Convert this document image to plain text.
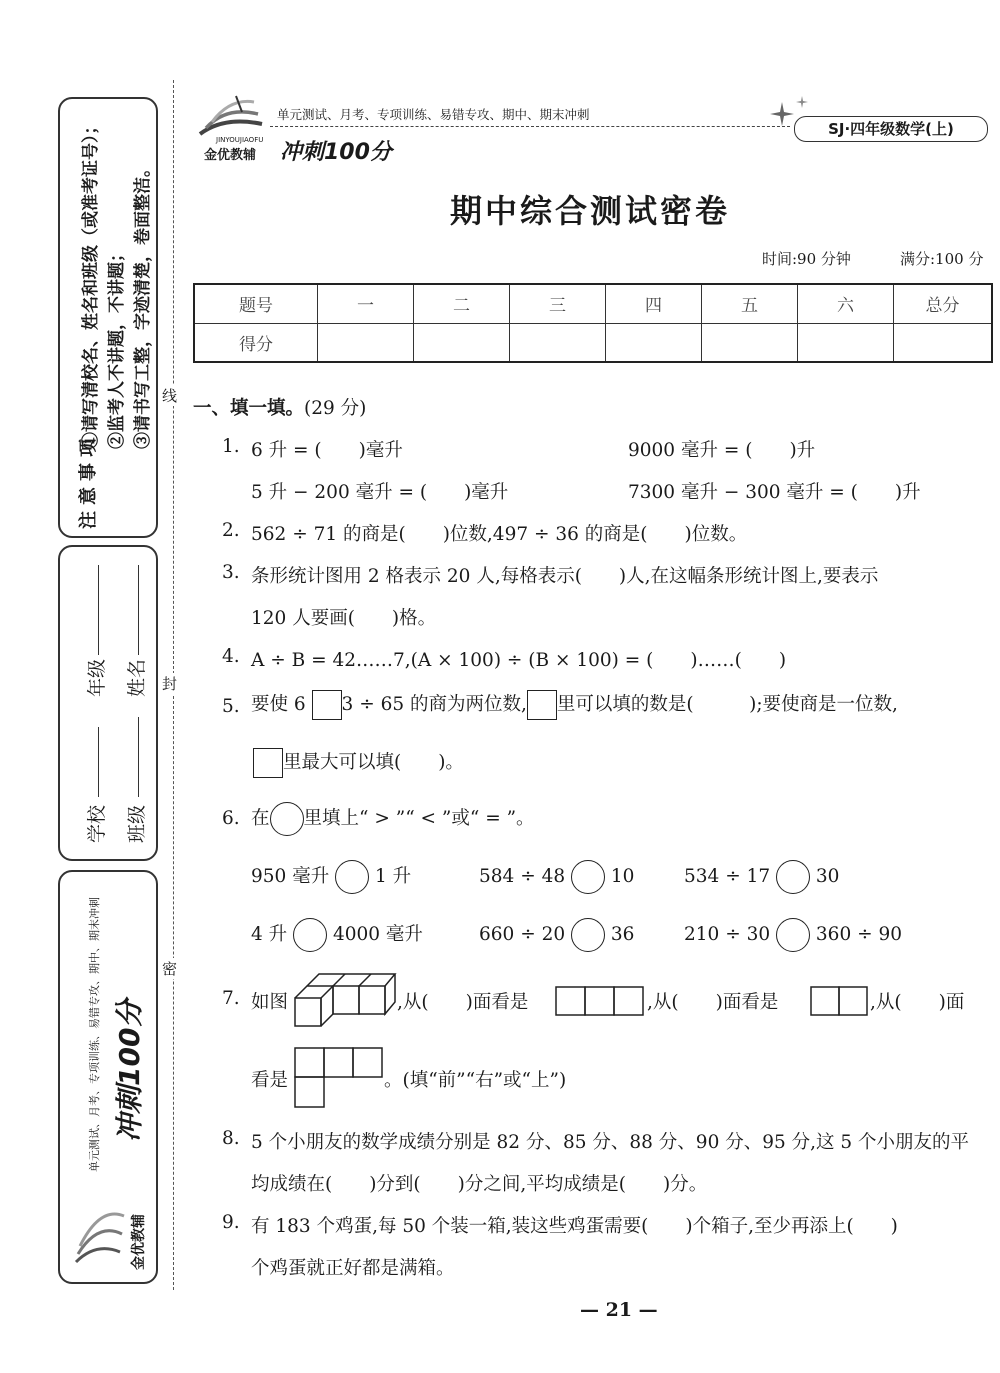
注意事项
①请写清校名、姓名和班级（或准考证号）； ②监考人不讲题，不讲题； ③请书写工整，字迹清楚，卷面整洁。
学校
年级
班级
姓名
单元测试、月考、专项训练、易错专攻、期中、期末冲刺 冲刺100分
金优教辅
线
封
密
JINYOUJIAOFU
金优教辅 冲刺100分
单元测试、月考、专项训练、易错专攻、期中、期末冲刺
SJ·四年级数学(上)
期中综合测试密卷
时间:90 分钟	满分:100 分
题号	一	二	三	四	五	六	总分
得分							
一、填一填。(29 分)
1. 6 升 = (　　)毫升	9000 毫升 = (　　)升
5 升 − 200 毫升 = (　　)毫升	7300 毫升 − 300 毫升 = (　　)升
2. 562 ÷ 71 的商是(　　)位数,497 ÷ 36 的商是(　　)位数。
3. 条形统计图用 2 格表示 20 人,每格表示(　　)人,在这幅条形统计图上,要表示
120 人要画(　　)格。
4. A ÷ B = 42……7,(A × 100) ÷ (B × 100) = (　　)……(　　)
5. 要使 6 3 ÷ 65 的商为两位数, 里可以填的数是(　　　);要使商是一位数,
里最大可以填(　　)。
6. 在 里填上“ > ”“ < ”或“ = ”。
950 毫升 1 升	584 ÷ 48 10	534 ÷ 17 30
4 升 4000 毫升	660 ÷ 20 36	210 ÷ 30 360 ÷ 90
7. 如图	,从(　　)面看是	,从(　　)面看是	,从(　　)面
看是	。(填“前”“右”或“上”)
8. 5 个小朋友的数学成绩分别是 82 分、85 分、88 分、90 分、95 分,这 5 个小朋友的平
均成绩在(　　)分到(　　)分之间,平均成绩是(　　)分。
9. 有 183 个鸡蛋,每 50 个装一箱,装这些鸡蛋需要(　　)个箱子,至少再添上(　　)
个鸡蛋就正好都是满箱。
— 21 —
